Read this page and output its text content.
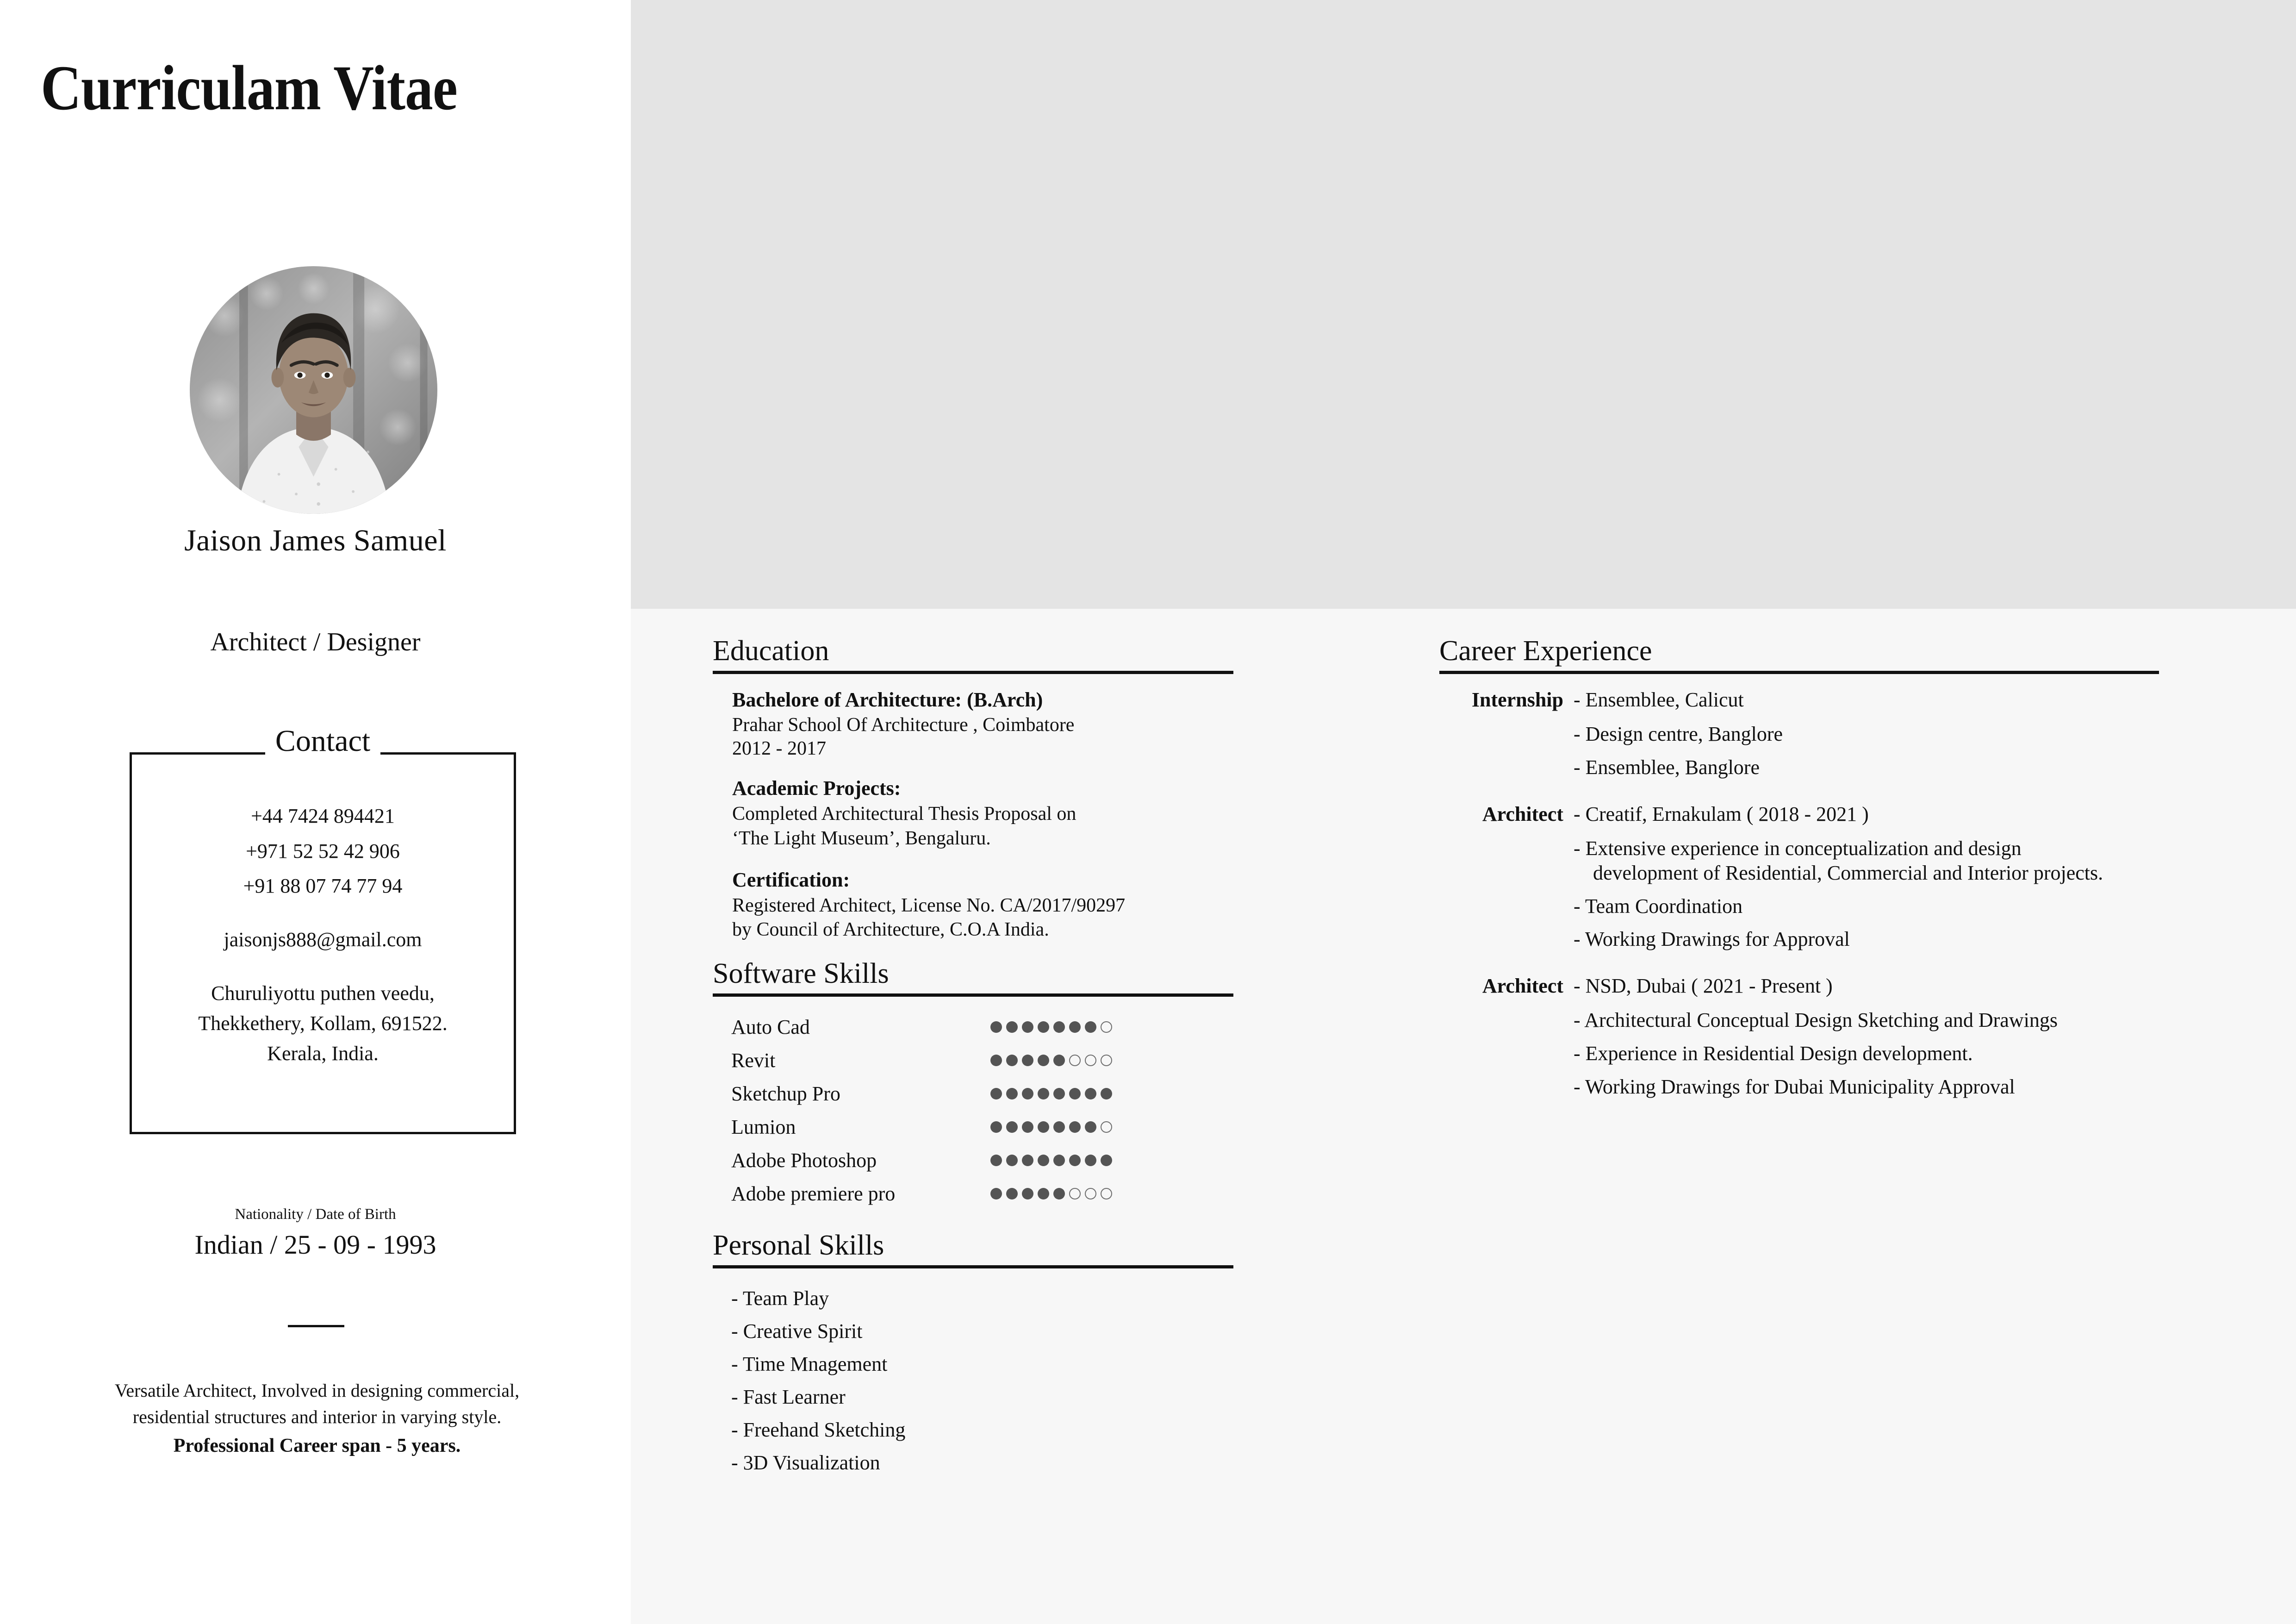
Curriculam Vitae
Jaison James Samuel
Architect / Designer
Contact
+44 7424 894421
+971 52 52 42 906
+91 88 07 74 77 94
jaisonjs888@gmail.com
Churuliyottu puthen veedu,
Thekkethery, Kollam, 691522.
Kerala, India.
Nationality / Date of Birth
Indian / 25 - 09 - 1993
Versatile Architect, Involved in designing commercial, residential structures and interior in varying style.
Professional Career span - 5 years.
Education
Bachelore of Architecture: (B.Arch)
Prahar School Of Architecture , Coimbatore
2012 - 2017
Academic Projects:
Completed Architectural Thesis Proposal on
‘The Light Museum’, Bengaluru.
Certification:
Registered Architect, License No. CA/2017/90297
by Council of Architecture, C.O.A India.
Software Skills
Auto Cad
Revit
Sketchup Pro
Lumion
Adobe Photoshop
Adobe premiere pro
Personal Skills
- Team Play
- Creative Spirit
- Time Mnagement
- Fast Learner
- Freehand Sketching
- 3D Visualization
Career Experience
Internship - Ensemblee, Calicut
- Design centre, Banglore
- Ensemblee, Banglore
Architect - Creatif, Ernakulam ( 2018 - 2021 )
- Extensive experience in conceptualization and design
development of Residential, Commercial and Interior projects.
- Team Coordination
- Working Drawings for Approval
Architect - NSD, Dubai ( 2021 - Present )
- Architectural Conceptual Design Sketching and Drawings
- Experience in Residential Design development.
- Working Drawings for Dubai Municipality Approval
